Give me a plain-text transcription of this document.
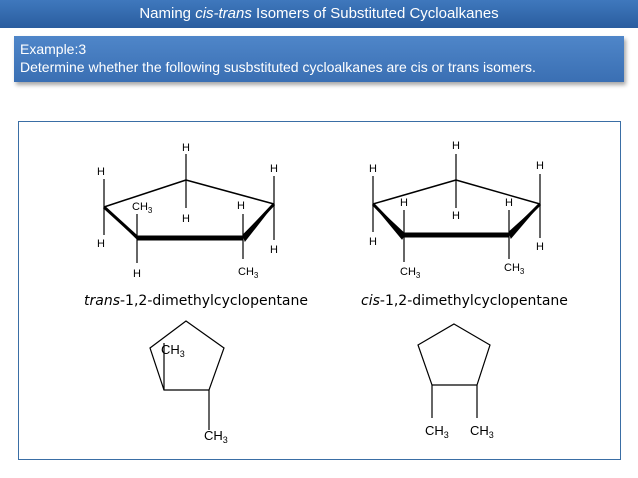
Naming cis-trans Isomers of Substituted Cycloalkanes
Example:3
Determine whether the following susbstituted cycloalkanes are cis or trans isomers.
H
H	H
H
H
H
H
H
$CH_3$
$CH_3$
trans-1,2-dimethylcyclopentane
$CH_3$
$CH_3$
H
H	H
H
H
H
H	H
$CH_3$
$CH_3$
cis-1,2-dimethylcyclopentane
$CH_3$ $CH_3$
